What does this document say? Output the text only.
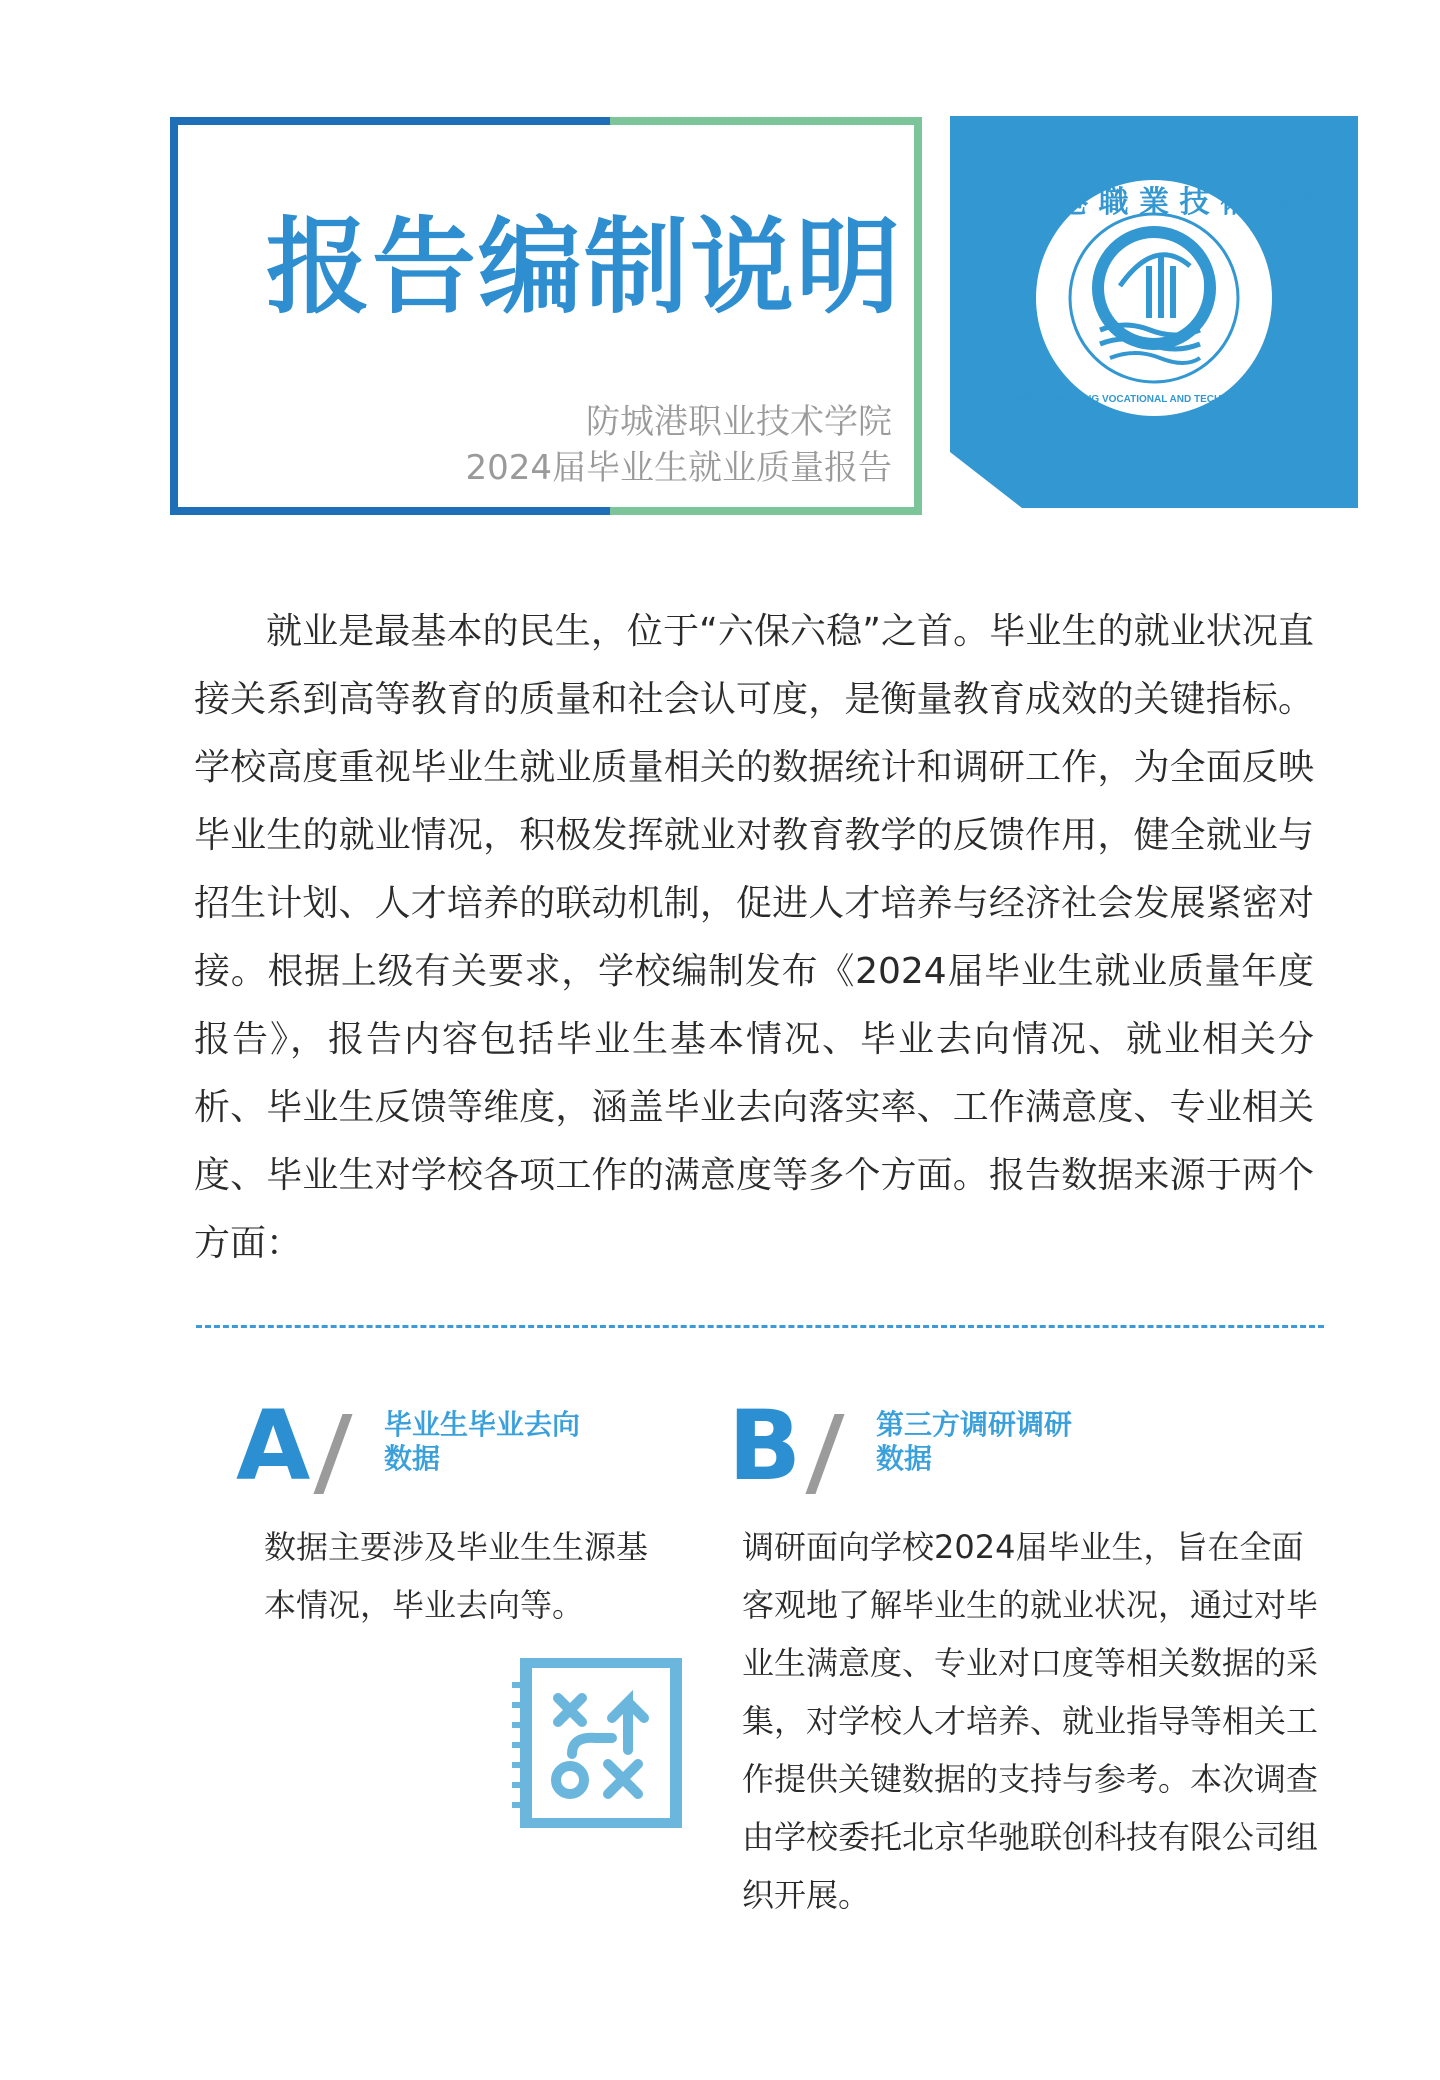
报告编制说明
防城港职业技术学院
2024届毕业生就业质量报告
防 城 港 職 業 技 術 學 院
FANGCHENGGANG VOCATIONAL AND TECHNICAL COLLEGE

就业是最基本的民生，位于“六保六稳”之首。毕业生的就业状况直接关系到高等教育的质量和社会认可度，是衡量教育成效的关键指标。学校高度重视毕业生就业质量相关的数据统计和调研工作，为全面反映毕业生的就业情况，积极发挥就业对教育教学的反馈作用，健全就业与招生计划、人才培养的联动机制，促进人才培养与经济社会发展紧密对接。根据上级有关要求，学校编制发布《2024届毕业生就业质量年度报告》，报告内容包括毕业生基本情况、毕业去向情况、就业相关分析、毕业生反馈等维度，涵盖毕业去向落实率、工作满意度、专业相关度、毕业生对学校各项工作的满意度等多个方面。报告数据来源于两个方面：

A	毕业生毕业去向数据

数据主要涉及毕业生生源基本情况，毕业去向等。

B	第三方调研调研数据

调研面向学校2024届毕业生，旨在全面客观地了解毕业生的就业状况，通过对毕业生满意度、专业对口度等相关数据的采集，对学校人才培养、就业指导等相关工作提供关键数据的支持与参考。本次调查由学校委托北京华驰联创科技有限公司组织开展。
